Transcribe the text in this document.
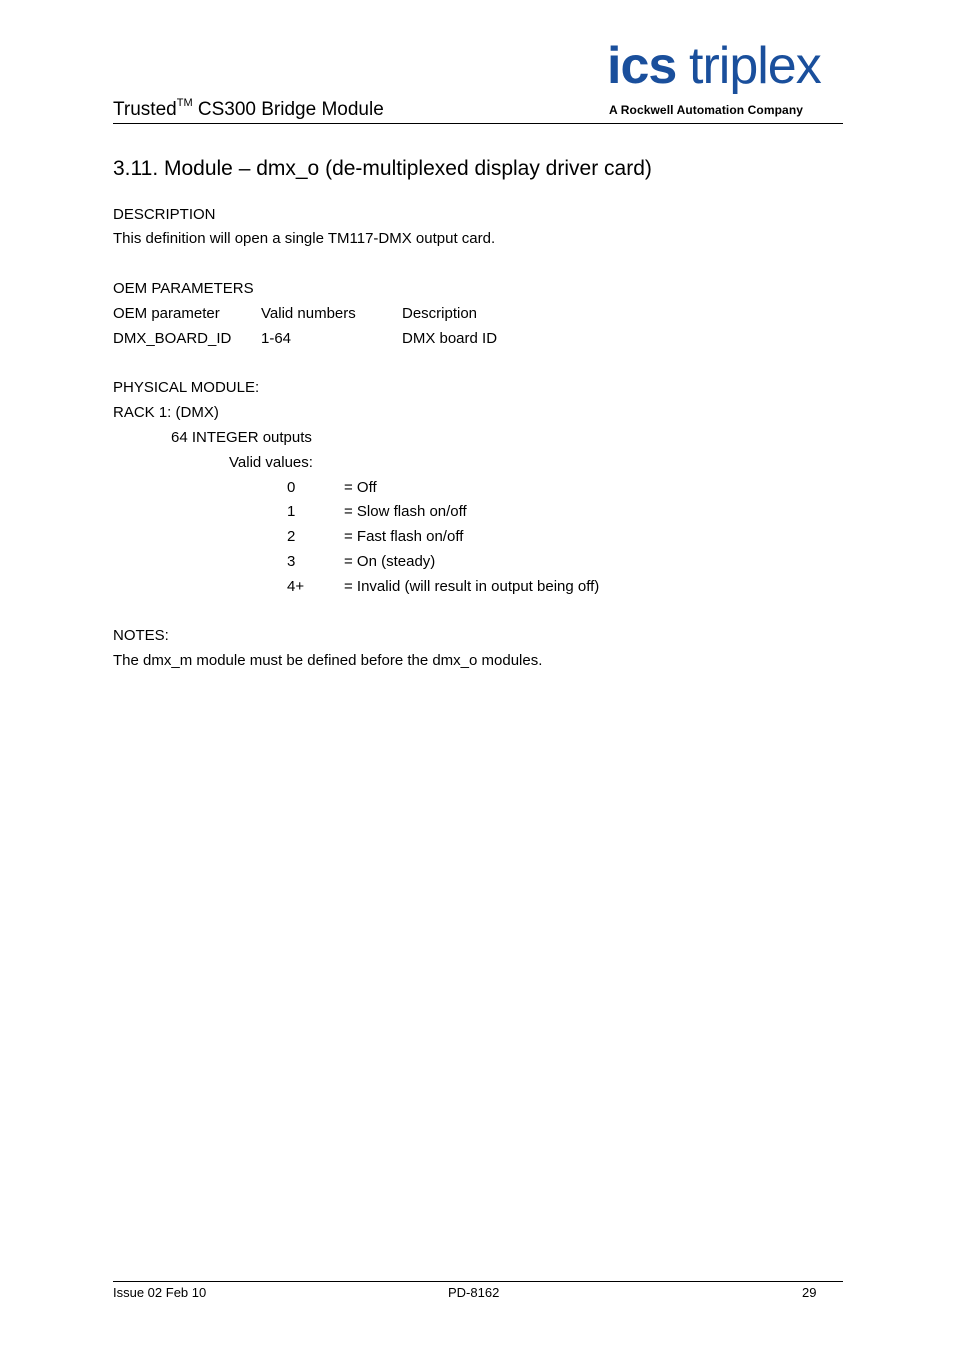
Trusted™ CS300 Bridge Module
ics triplex
A Rockwell Automation Company
3.11. Module – dmx_o (de-multiplexed display driver card)
DESCRIPTION
This definition will open a single TM117-DMX output card.
OEM PARAMETERS
OEM parameter	Valid numbers	Description
DMX_BOARD_ID 1-64	DMX board ID
PHYSICAL MODULE:
RACK 1: (DMX)
64 INTEGER outputs
Valid values:
0	= Off
1	= Slow flash on/off
2	= Fast flash on/off
3	= On (steady)
4+	= Invalid (will result in output being off)
NOTES:
The dmx_m module must be defined before the dmx_o modules.
Issue 02 Feb 10	PD-8162	29
